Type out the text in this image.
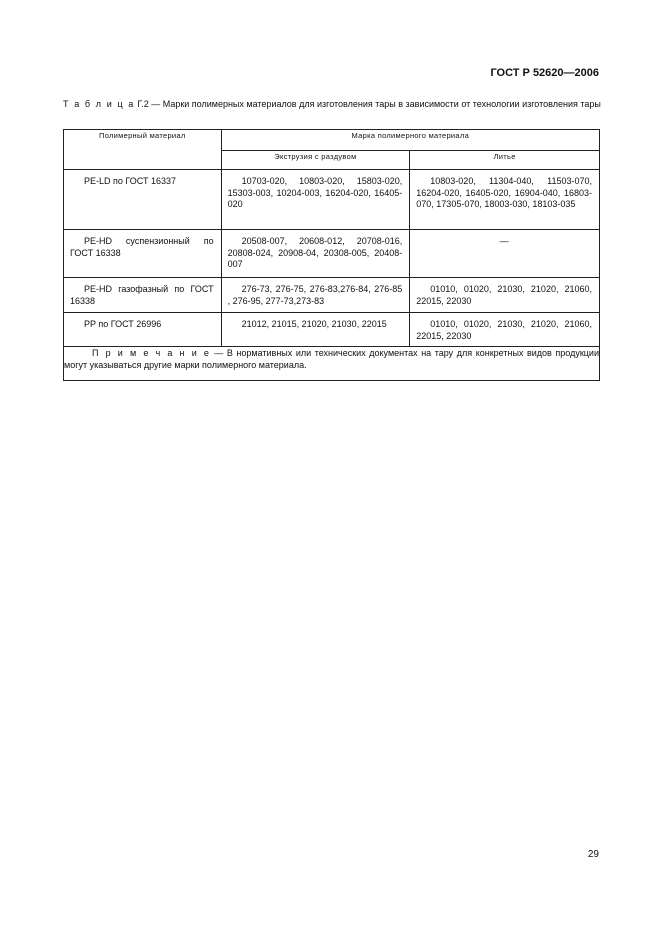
ГОСТ Р 52620—2006
Т а б л и ц а Г.2 — Марки полимерных материалов для изготовления тары в зависимости от технологии изготовления тары
Полимерный материал	Марка полимерного материала	
	Экструзия с раздувом	Литье

PE-LD по ГОСТ 16337	10703-020, 10803-020, 15803-020, 15303-003, 10204-003, 16204-020, 16405-020	10803-020, 11304-040, 11503-070, 16204-020, 16405-020, 16904-040, 16803-070, 17305-070, 18003-030, 18103-035

PE-HD суспензионный по ГОСТ 16338	20508-007, 20608-012, 20708-016, 20808-024, 20908-04, 20308-005, 20408-007	—

PE-HD газофазный по ГОСТ 16338	276-73, 276-75, 276-83,276-84, 276-85 , 276-95, 277-73,273-83	01010, 01020, 21030, 21020, 21060, 22015, 22030

PP по ГОСТ 26996	21012, 21015, 21020, 21030, 22015	01010, 01020, 21030, 21020, 21060, 22015, 22030

П р и м е ч а н и е — В нормативных или технических документах на тару для конкретных видов продукции могут указываться другие марки полимерного материала.		
29
